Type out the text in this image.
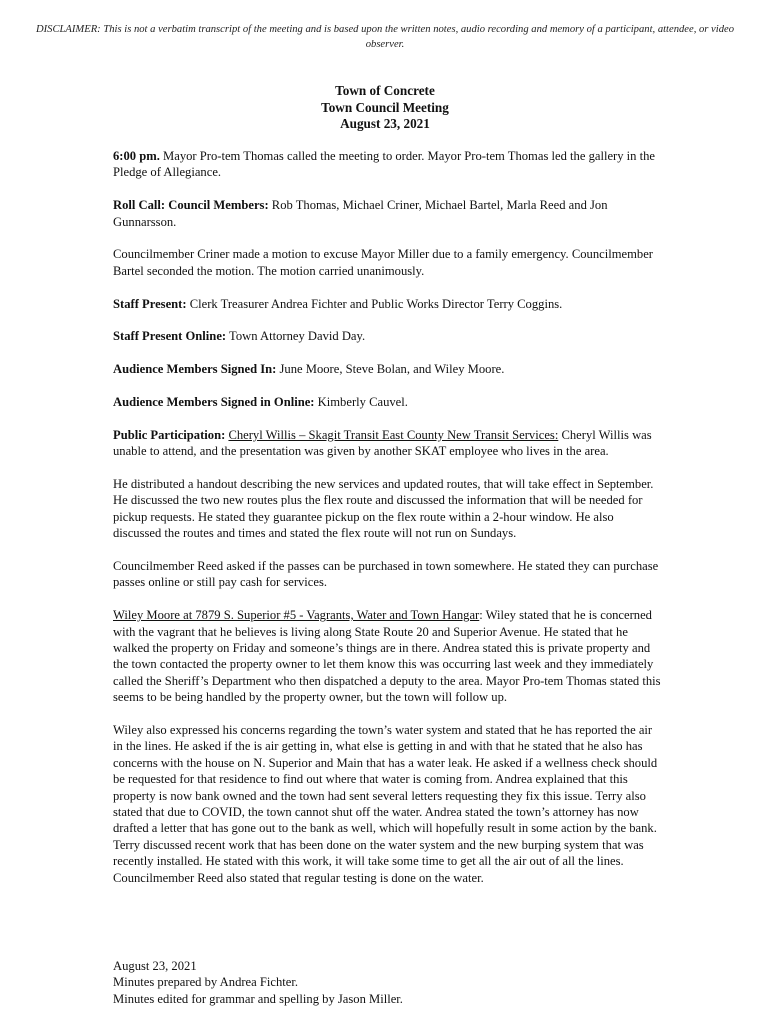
DISCLAIMER: This is not a verbatim transcript of the meeting and is based upon the written notes, audio recording and memory of a participant, attendee, or video observer.
Town of Concrete
Town Council Meeting
August 23, 2021

6:00 pm. Mayor Pro-tem Thomas called the meeting to order. Mayor Pro-tem Thomas led the gallery in the Pledge of Allegiance.

Roll Call: Council Members: Rob Thomas, Michael Criner, Michael Bartel, Marla Reed and Jon Gunnarsson.

Councilmember Criner made a motion to excuse Mayor Miller due to a family emergency. Councilmember Bartel seconded the motion. The motion carried unanimously.

Staff Present: Clerk Treasurer Andrea Fichter and Public Works Director Terry Coggins.

Staff Present Online: Town Attorney David Day.

Audience Members Signed In: June Moore, Steve Bolan, and Wiley Moore.

Audience Members Signed in Online: Kimberly Cauvel.

Public Participation: Cheryl Willis – Skagit Transit East County New Transit Services: Cheryl Willis was unable to attend, and the presentation was given by another SKAT employee who lives in the area.

He distributed a handout describing the new services and updated routes, that will take effect in September. He discussed the two new routes plus the flex route and discussed the information that will be needed for pickup requests. He stated they guarantee pickup on the flex route within a 2-hour window. He also discussed the routes and times and stated the flex route will not run on Sundays.

Councilmember Reed asked if the passes can be purchased in town somewhere. He stated they can purchase passes online or still pay cash for services.

Wiley Moore at 7879 S. Superior #5 - Vagrants, Water and Town Hangar: Wiley stated that he is concerned with the vagrant that he believes is living along State Route 20 and Superior Avenue. He stated that he walked the property on Friday and someone’s things are in there. Andrea stated this is private property and the town contacted the property owner to let them know this was occurring last week and they immediately called the Sheriff’s Department who then dispatched a deputy to the area. Mayor Pro-tem Thomas stated this seems to be being handled by the property owner, but the town will follow up.

Wiley also expressed his concerns regarding the town’s water system and stated that he has reported the air in the lines. He asked if the is air getting in, what else is getting in and with that he stated that he also has concerns with the house on N. Superior and Main that has a water leak. He asked if a wellness check should be requested for that residence to find out where that water is coming from. Andrea explained that this property is now bank owned and the town had sent several letters requesting they fix this issue. Terry also stated that due to COVID, the town cannot shut off the water. Andrea stated the town’s attorney has now drafted a letter that has gone out to the bank as well, which will hopefully result in some action by the bank. Terry discussed recent work that has been done on the water system and the new burping system that was recently installed. He stated with this work, it will take some time to get all the air out of all the lines. Councilmember Reed also stated that regular testing is done on the water.

August 23, 2021
Minutes prepared by Andrea Fichter.
Minutes edited for grammar and spelling by Jason Miller.
